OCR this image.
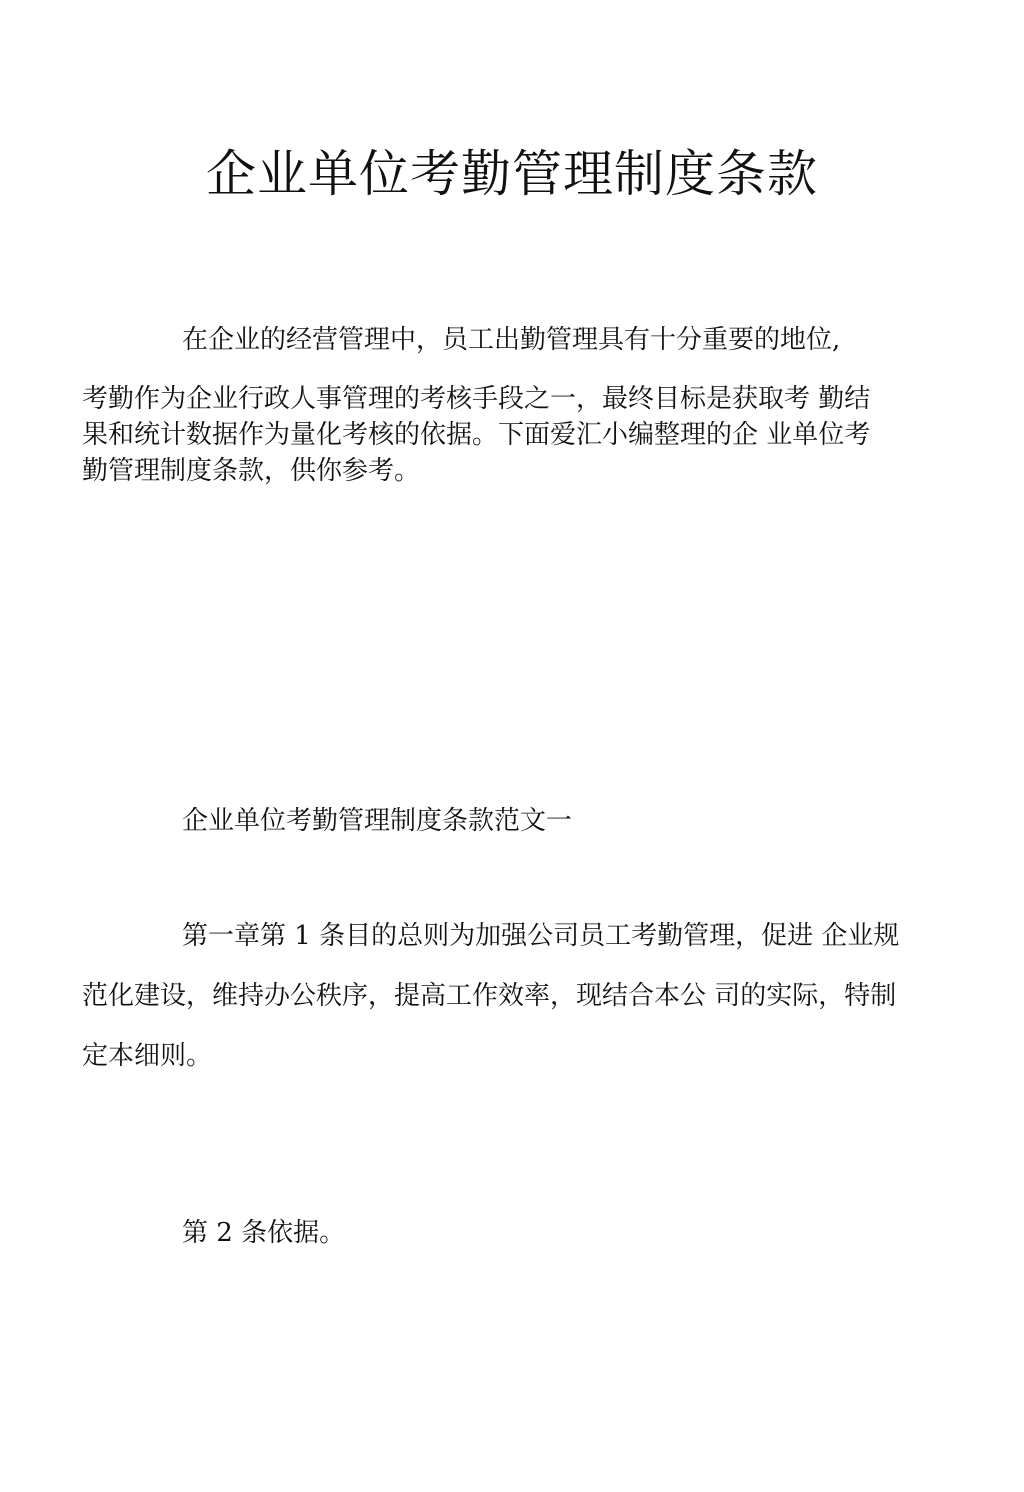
企业单位考勤管理制度条款
在企业的经营管理中，员工出勤管理具有十分重要的地位,
考勤作为企业行政人事管理的考核手段之一，最终目标是获取考 勤结
果和统计数据作为量化考核的依据。下面爱汇小编整理的企 业单位考
勤管理制度条款，供你参考。
企业单位考勤管理制度条款范文一
第一章第 1 条目的总则为加强公司员工考勤管理，促进 企业规
范化建设，维持办公秩序，提高工作效率，现结合本公 司的实际，特制
定本细则。
第 2 条依据。
